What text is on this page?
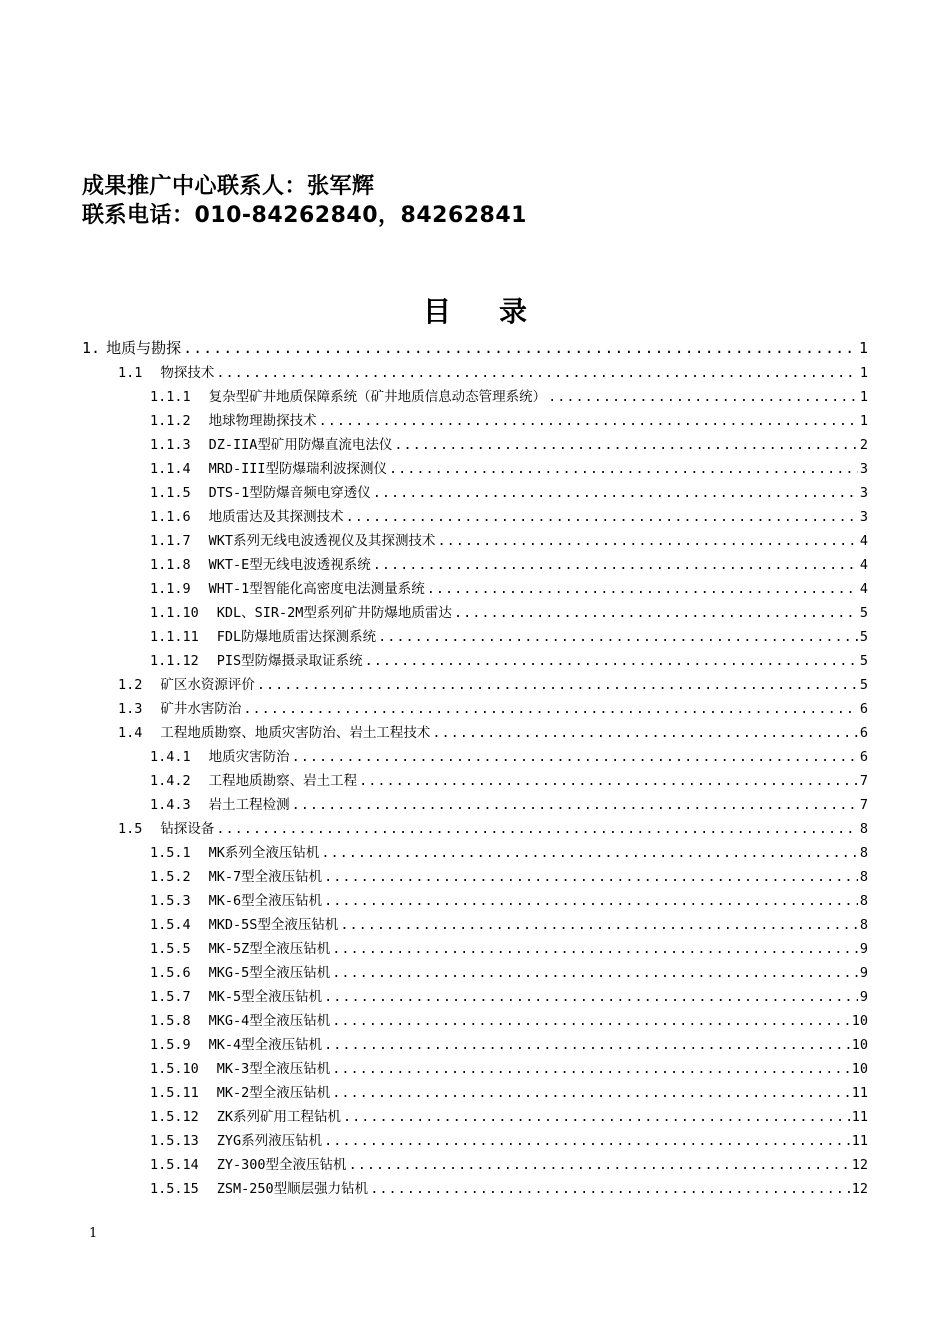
成果推广中心联系人：张军辉
联系电话：010-84262840，84262841
目录
1. 地质与勘探 .....	1
1.1 物探技术 .....	1
1.1.1 复杂型矿井地质保障系统（矿井地质信息动态管理系统） .....	1
1.1.2 地球物理勘探技术 .....	1
1.1.3 DZ-IIA型矿用防爆直流电法仪 .....	2
1.1.4 MRD-III型防爆瑞利波探测仪 .....	3
1.1.5 DTS-1型防爆音频电穿透仪 .....	3
1.1.6 地质雷达及其探测技术 .....	3
1.1.7 WKT系列无线电波透视仪及其探测技术 .....	4
1.1.8 WKT-E型无线电波透视系统 .....	4
1.1.9 WHT-1型智能化高密度电法测量系统 .....	4
1.1.10 KDL、SIR-2M型系列矿井防爆地质雷达 .....	5
1.1.11 FDL防爆地质雷达探测系统 .....	5
1.1.12 PIS型防爆摄录取证系统 .....	5
1.2 矿区水资源评价 .....	5
1.3 矿井水害防治 .....	6
1.4 工程地质勘察、地质灾害防治、岩土工程技术 .....	6
1.4.1 地质灾害防治 .....	6
1.4.2 工程地质勘察、岩土工程 .....	7
1.4.3 岩土工程检测 .....	7
1.5 钻探设备 .....	8
1.5.1 MK系列全液压钻机 .....	8
1.5.2 MK-7型全液压钻机 .....	8
1.5.3 MK-6型全液压钻机 .....	8
1.5.4 MKD-5S型全液压钻机 .....	8
1.5.5 MK-5Z型全液压钻机 .....	9
1.5.6 MKG-5型全液压钻机 .....	9
1.5.7 MK-5型全液压钻机 .....	9
1.5.8 MKG-4型全液压钻机 .....	10
1.5.9 MK-4型全液压钻机 .....	10
1.5.10 MK-3型全液压钻机 .....	10
1.5.11 MK-2型全液压钻机 .....	11
1.5.12 ZK系列矿用工程钻机 .....	11
1.5.13 ZYG系列液压钻机 .....	11
1.5.14 ZY-300型全液压钻机 .....	12
1.5.15 ZSM-250型顺层强力钻机 .....	12
1
